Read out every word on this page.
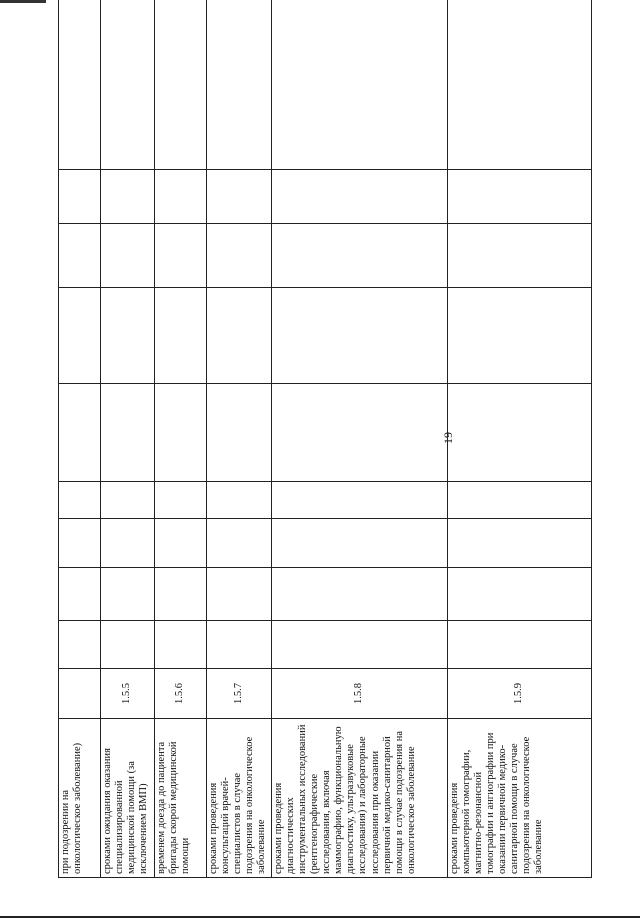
19
при подозрении на онкологическое заболевание)										
сроками ожидания оказания специализированной медицинской помощи (за исключением ВМП)	1.5.5									
временем доезда до пациента бригады скорой медицинской помощи	1.5.6									
сроками проведения консультаций врачей-специалистов в случае подозрения на онкологическое заболевание	1.5.7									
сроками проведения диагностических инструментальных исследований (рентгенографические исследования, включая маммографию, функциональную диагностику, ультразвуковые исследования) и лабораторные исследования при оказании первичной медико-санитарной помощи в случае подозрения на онкологическое заболевание	1.5.8									
сроками проведения компьютерной томографии, магнитно-резонансной томографии и ангиографии при оказании первичной медико-санитарной помощи в случае подозрения на онкологическое заболевание	1.5.9									
